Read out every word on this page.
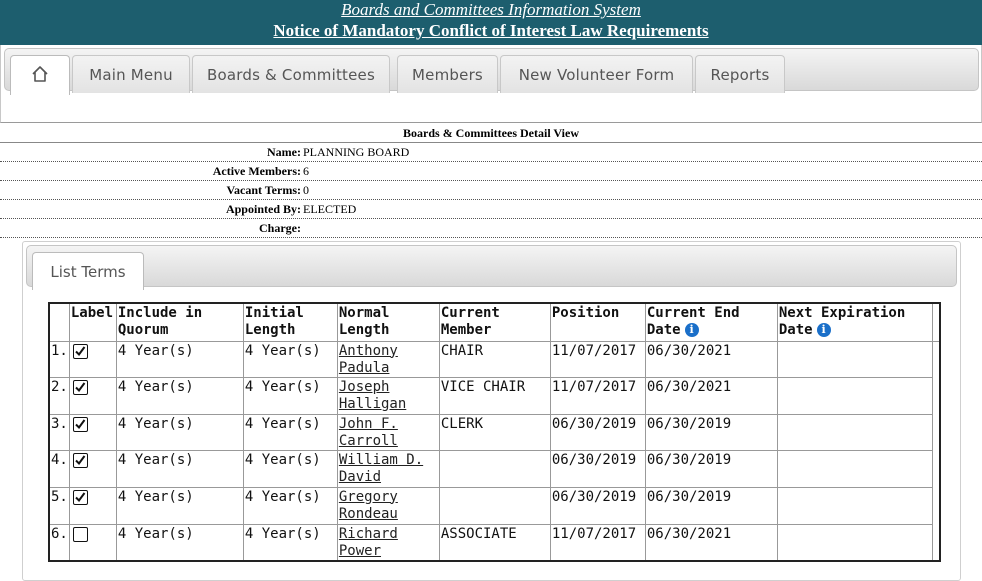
Boards and Committees Information System
Notice of Mandatory Conflict of Interest Law Requirements
Main Menu	Boards & Committees	Members	New Volunteer Form	Reports
Boards & Committees Detail View
Name: PLANNING BOARD
Active Members: 6
Vacant Terms: 0
Appointed By: ELECTED
Charge:
List Terms
	Label	Include in Quorum	Initial Length	Normal Length	Current Member	Position	Current End Date i	Next Expiration Date i	
1.		4 Year(s)	4 Year(s)	Anthony Padula	CHAIR	11/07/2017	06/30/2021		
2.		4 Year(s)	4 Year(s)	Joseph Halligan	VICE CHAIR	11/07/2017	06/30/2021		
3.		4 Year(s)	4 Year(s)	John F. Carroll	CLERK	06/30/2019	06/30/2019		
4.		4 Year(s)	4 Year(s)	William D. David		06/30/2019	06/30/2019		
5.		4 Year(s)	4 Year(s)	Gregory Rondeau		06/30/2019	06/30/2019		
6.		4 Year(s)	4 Year(s)	Richard Power	ASSOCIATE	11/07/2017	06/30/2021		
